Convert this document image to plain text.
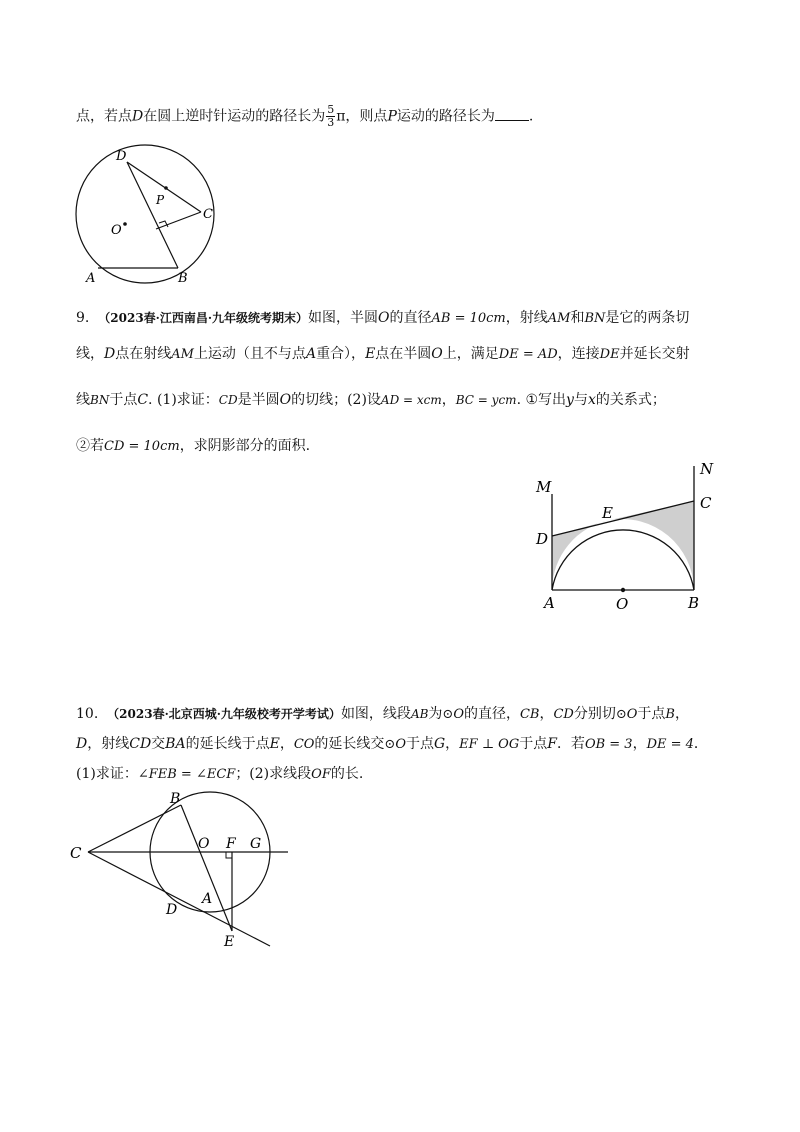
点，若点D在圆上逆时针运动的路径长为 $\frac{5}{3}$ π，则点P运动的路径长为 .
D
P
C
O
A	B
9. （2023春·江西南昌·九年级统考期末）如图，半圆O的直径AB = 10cm，射线AM和BN是它的两条切
线，D点在射线AM上运动（且不与点A重合），E点在半圆O上，满足DE = AD，连接DE并延长交射
线BN于点C. (1)求证：CD是半圆O的切线；(2)设AD = xcm，BC = ycm. ①写出y与x的关系式；
②若CD = 10cm，求阴影部分的面积.
M
N
C
E
D
A	O	B
10. （2023春·北京西城·九年级校考开学考试）如图，线段AB为⊙O的直径，CB，CD分别切⊙O于点B，
D，射线CD交BA的延长线于点E，CO的延长线交⊙O于点G，EF ⊥ OG于点F．若OB = 3，DE = 4．
(1)求证：∠FEB = ∠ECF；(2)求线段OF的长.
B
O F G
C
A
D
E
